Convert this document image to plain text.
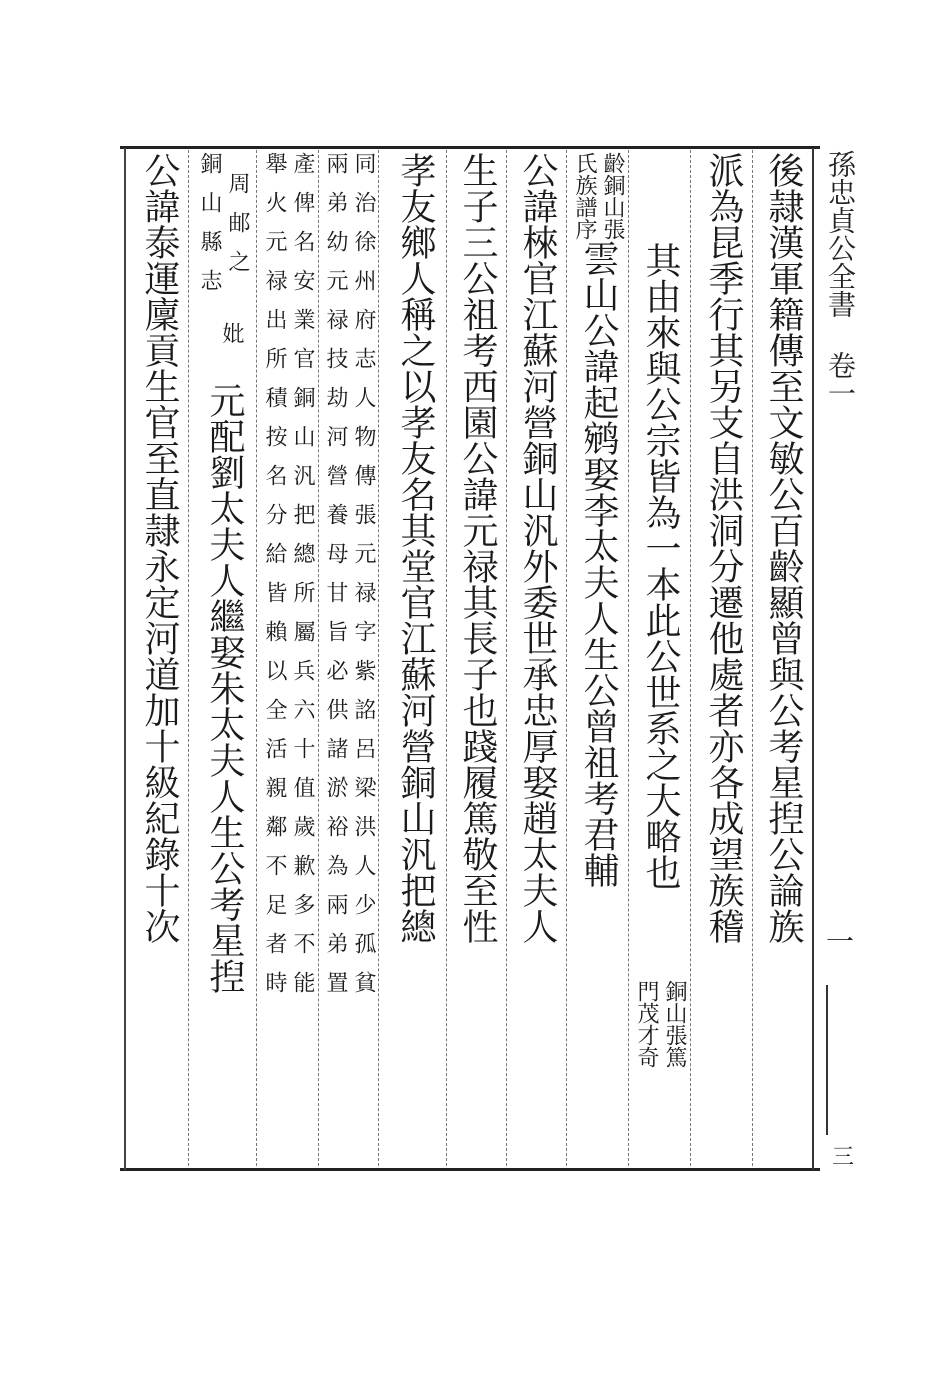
孫忠貞公全書 卷一
一
三
後隷漢軍籍傳至文敏公百齡顯曾與公考星揑公論族
派為昆季行其另支自洪洞分遷他處者亦各成望族稽
其由來與公宗皆為一本此公世系之大略也
銅山張篤
門茂才奇
齡銅山張
氏族譜序
雲山公諱起鹓娶李太夫人生公曾祖考君輔
公諱棶官江蘇河營銅山汎外委世承忠厚娶趙太夫人
生子三公祖考西園公諱元禄其長子也踐履篤敬至性
孝友鄉人稱之以孝友名其堂官江蘇河營銅山汎把總
同治徐州府志人物傳張元禄字紫詺呂梁洪人少孤貧
兩弟幼元禄技劫河營養母甘旨必供諸淤裕為兩弟置
產俾名安業官銅山汎把總所屬兵六十值歲歉多不能
舉火元禄出所積按名分給皆賴以全活親鄰不足者時
周邮之
銅山縣志
妣
元配劉太夫人繼娶朱太夫人生公考星揑
公諱泰運廩貢生官至直隷永定河道加十級紀錄十次
